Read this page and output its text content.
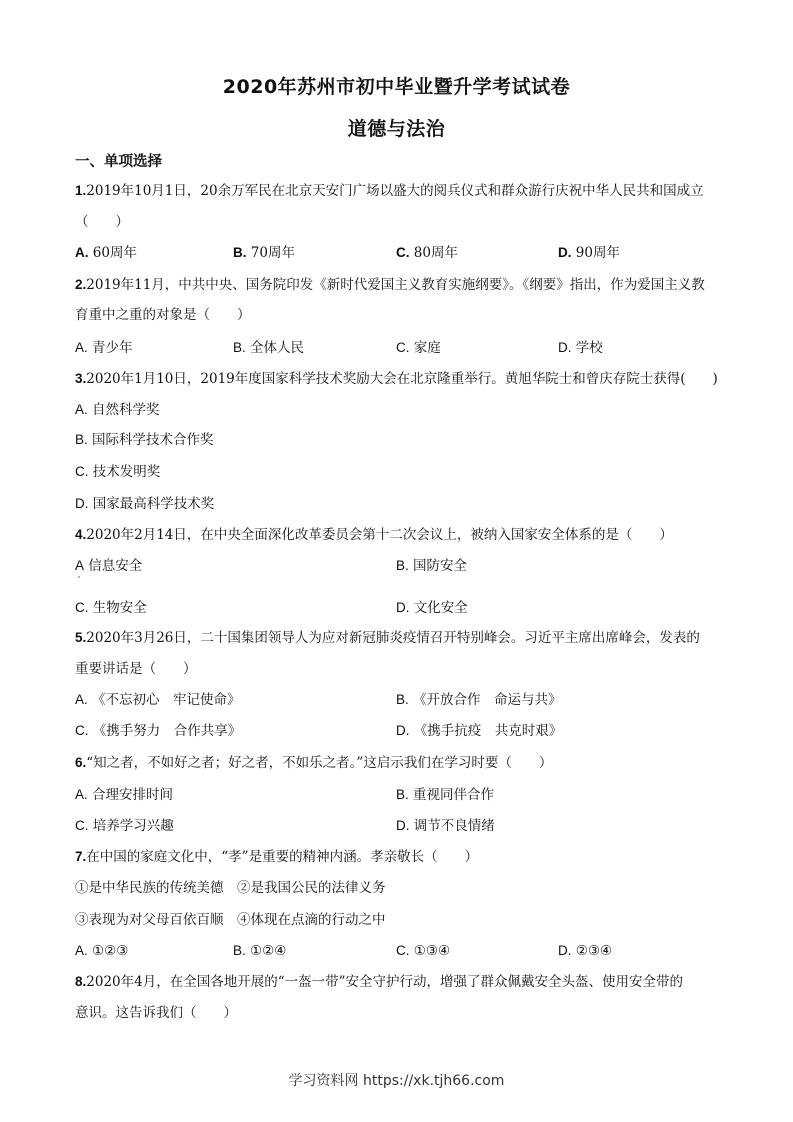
2020年苏州市初中毕业暨升学考试试卷
道德与法治
一、单项选择
1.2019年10月1日，20余万军民在北京天安门广场以盛大的阅兵仪式和群众游行庆祝中华人民共和国成立
（　　）
A. 60周年	B. 70周年	C. 80周年	D. 90周年
2.2019年11月，中共中央、国务院印发《新时代爱国主义教育实施纲要》。《纲要》指出，作为爱国主义教
育重中之重的对象是（　　）
A. 青少年	B. 全体人民	C. 家庭	D. 学校
3.2020年1月10日，2019年度国家科学技术奖励大会在北京隆重举行。黄旭华院士和曾庆存院士获得(　　)
A. 自然科学奖
B. 国际科学技术合作奖
C. 技术发明奖
D. 国家最高科学技术奖
4.2020年2月14日，在中央全面深化改革委员会第十二次会议上，被纳入国家安全体系的是（　　）
A 信息安全	B. 国防安全
C. 生物安全	D. 文化安全
5.2020年3月26日，二十国集团领导人为应对新冠肺炎疫情召开特别峰会。习近平主席出席峰会，发表的
重要讲话是（　　）
A. 《不忘初心　牢记使命》	B. 《开放合作　命运与共》
C. 《携手努力　合作共享》	D. 《携手抗疫　共克时艰》
6.“知之者，不如好之者；好之者，不如乐之者。”这启示我们在学习时要（　　）
A. 合理安排时间	B. 重视同伴合作
C. 培养学习兴趣	D. 调节不良情绪
7.在中国的家庭文化中，“孝”是重要的精神内涵。孝亲敬长（　　）
①是中华民族的传统美德　②是我国公民的法律义务
③表现为对父母百依百顺　④体现在点滴的行动之中
A. ①②③	B. ①②④	C. ①③④	D. ②③④
8.2020年4月，在全国各地开展的“一盔一带”安全守护行动，增强了群众佩戴安全头盔、使用安全带的
意识。这告诉我们（　　）
学习资料网 https://xk.tjh66.com
